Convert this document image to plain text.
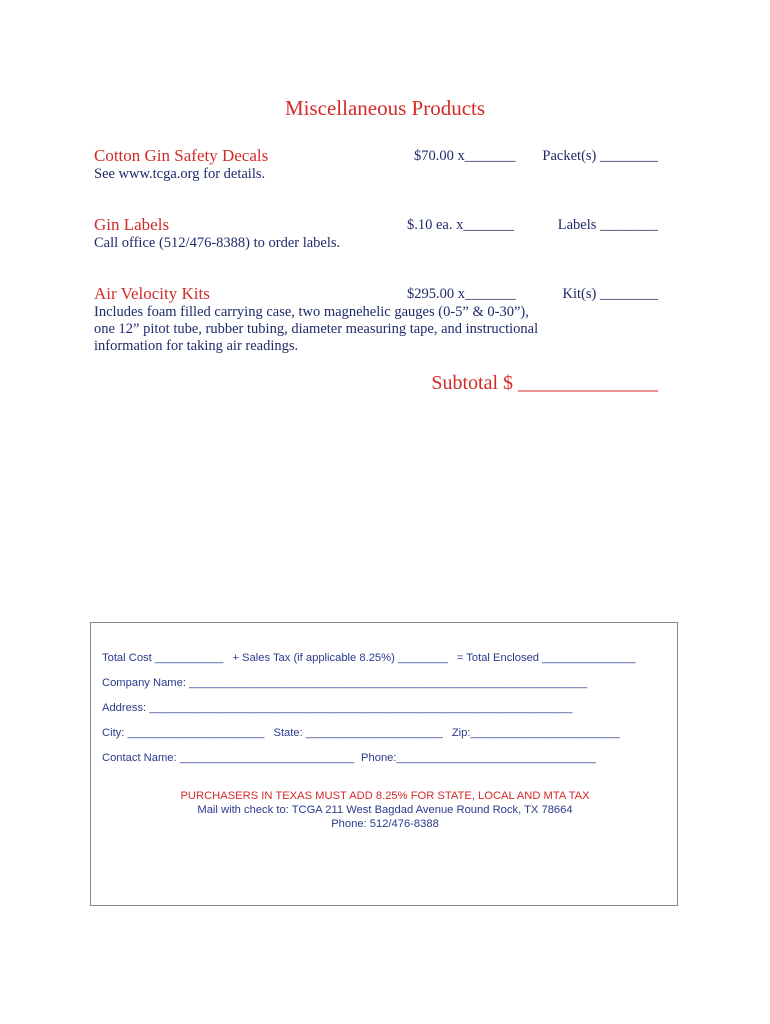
Miscellaneous Products
Cotton Gin Safety Decals	$70.00 x_______ Packet(s) ________
See www.tcga.org for details.
Gin Labels	$.10 ea. x_______	Labels ________
Call office (512/476-8388) to order labels.
Air Velocity Kits	$295.00 x_______	Kit(s) ________
Includes foam filled carrying case, two magnehelic gauges (0-5” & 0-30”),
one 12” pitot tube, rubber tubing, diameter measuring tape, and instructional
information for taking air readings.
Subtotal $ ______________
Total Cost ___________ + Sales Tax (if applicable 8.25%) ________ = Total Enclosed _______________
Company Name: ________________________________________________________________
Address: ____________________________________________________________________
City: ______________________ State: ______________________ Zip:________________________
Contact Name: ____________________________ Phone:________________________________
PURCHASERS IN TEXAS MUST ADD 8.25% FOR STATE, LOCAL AND MTA TAX
Mail with check to: TCGA 211 West Bagdad Avenue Round Rock, TX 78664
Phone: 512/476-8388
